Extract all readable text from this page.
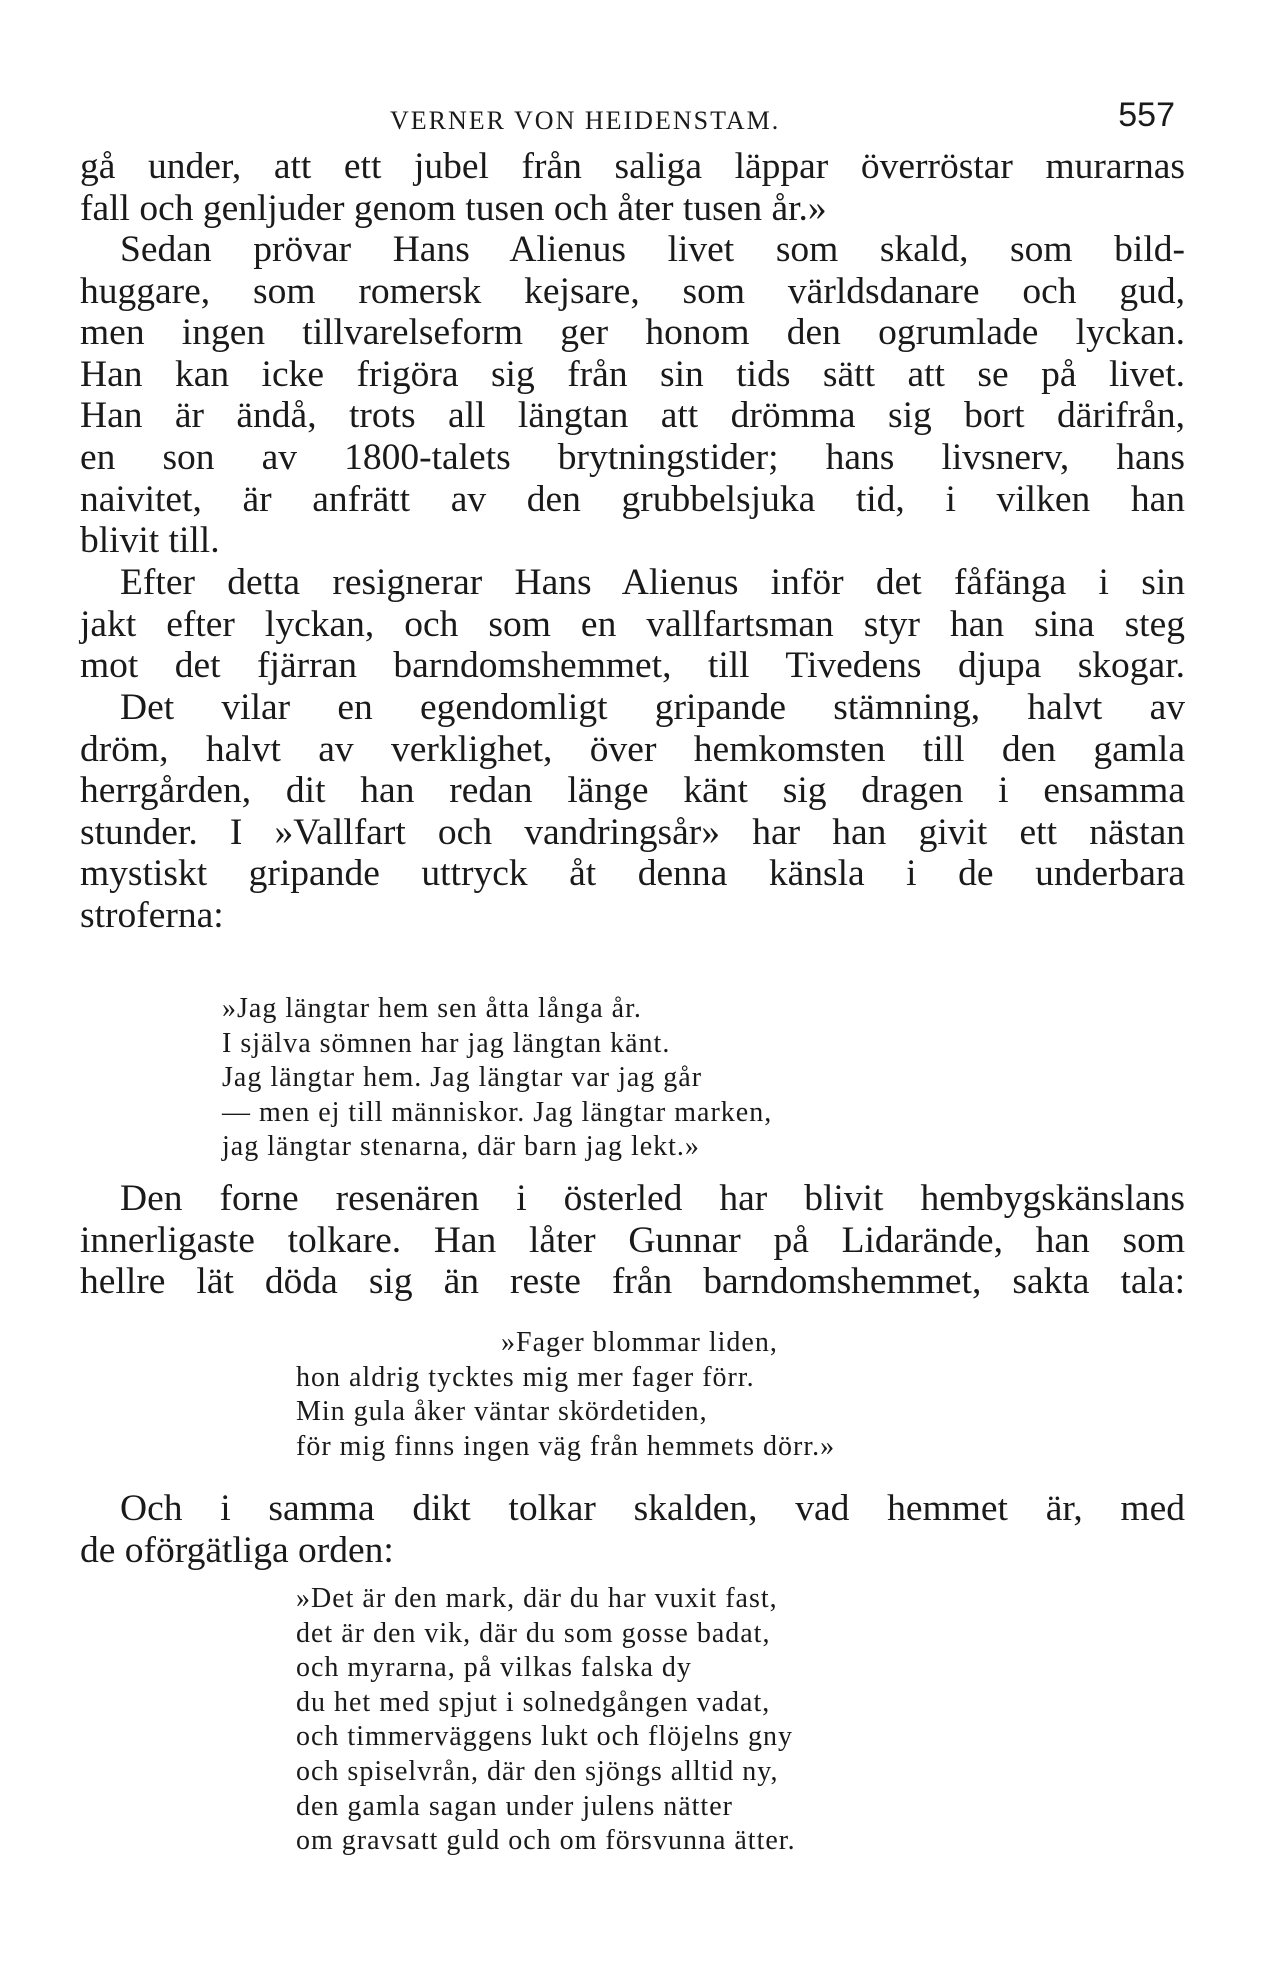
VERNER VON HEIDENSTAM.	557
gå under, att ett jubel från saliga läppar överröstar murarnas
fall och genljuder genom tusen och åter tusen år.»
Sedan prövar Hans Alienus livet som skald, som bild-
huggare, som romersk kejsare, som världsdanare och gud,
men ingen tillvarelseform ger honom den ogrumlade lyckan.
Han kan icke frigöra sig från sin tids sätt att se på livet.
Han är ändå, trots all längtan att drömma sig bort därifrån,
en son av 1800-talets brytningstider; hans livsnerv, hans
naivitet, är anfrätt av den grubbelsjuka tid, i vilken han
blivit till.
Efter detta resignerar Hans Alienus inför det fåfänga i sin
jakt efter lyckan, och som en vallfartsman styr han sina steg
mot det fjärran barndomshemmet, till Tivedens djupa skogar.
Det vilar en egendomligt gripande stämning, halvt av
dröm, halvt av verklighet, över hemkomsten till den gamla
herrgården, dit han redan länge känt sig dragen i ensamma
stunder. I »Vallfart och vandringsår» har han givit ett nästan
mystiskt gripande uttryck åt denna känsla i de underbara
stroferna:
»Jag längtar hem sen åtta långa år.
I själva sömnen har jag längtan känt.
Jag längtar hem. Jag längtar var jag går
— men ej till människor. Jag längtar marken,
jag längtar stenarna, där barn jag lekt.»
Den forne resenären i österled har blivit hembygskänslans
innerligaste tolkare. Han låter Gunnar på Lidarände, han som
hellre lät döda sig än reste från barndomshemmet, sakta tala:
»Fager blommar liden,
hon aldrig tycktes mig mer fager förr.
Min gula åker väntar skördetiden,
för mig finns ingen väg från hemmets dörr.»
Och i samma dikt tolkar skalden, vad hemmet är, med
de oförgätliga orden:
»Det är den mark, där du har vuxit fast,
det är den vik, där du som gosse badat,
och myrarna, på vilkas falska dy
du het med spjut i solnedgången vadat,
och timmerväggens lukt och flöjelns gny
och spiselvrån, där den sjöngs alltid ny,
den gamla sagan under julens nätter
om gravsatt guld och om försvunna ätter.
